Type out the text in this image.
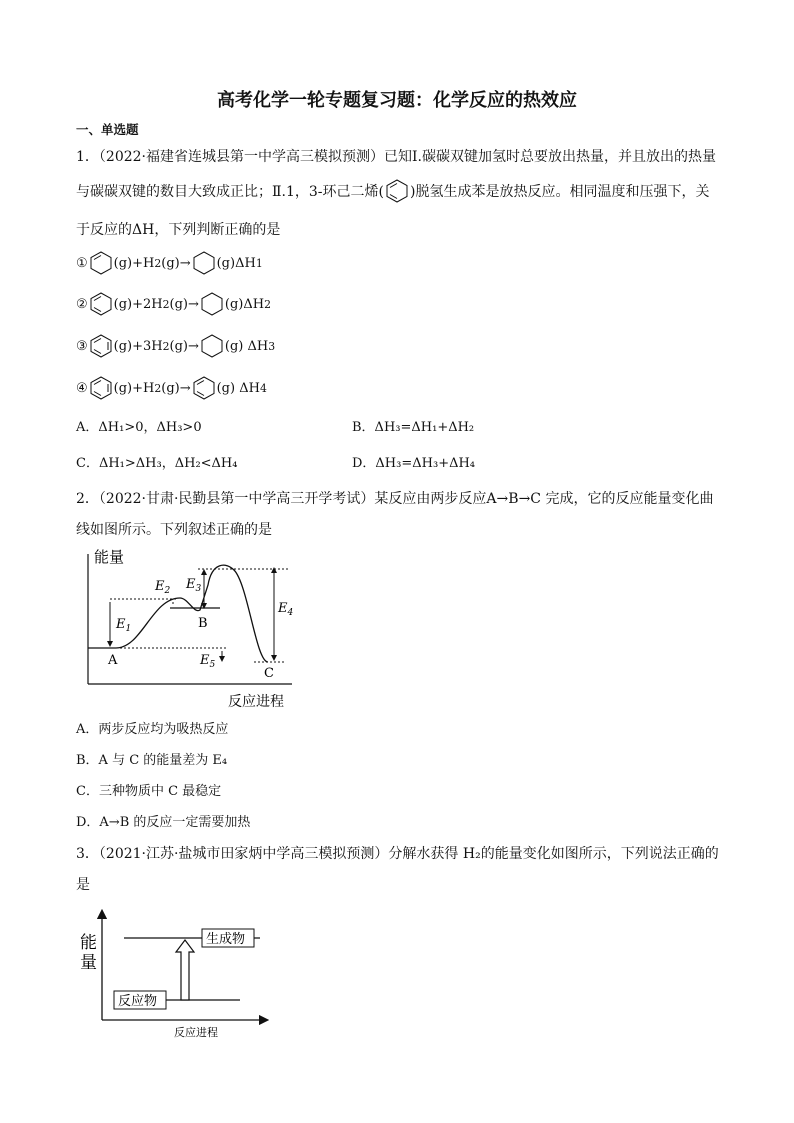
高考化学一轮专题复习题：化学反应的热效应
一、单选题
1．（2022·福建省连城县第一中学高三模拟预测）已知Ⅰ.碳碳双键加氢时总要放出热量，并且放出的热量
与碳碳双键的数目大致成正比；Ⅱ.1，3-环己二烯( )脱氢生成苯是放热反应。相同温度和压强下，关
于反应的ΔH，下列判断正确的是
① (g)+H 2 (g)→ (g)ΔH 1
② (g)+2H 2 (g)→ (g)ΔH 2
③ (g)+3H 2 (g)→ (g) ΔH 3
④ (g)+H 2 (g)→ (g) ΔH 4
A．ΔH₁>0，ΔH₃>0	B．ΔH₃=ΔH₁+ΔH₂
C．ΔH₁>ΔH₃，ΔH₂<ΔH₄	D．ΔH₃=ΔH₃+ΔH₄
2．（2022·甘肃·民勤县第一中学高三开学考试）某反应由两步反应A→B→C 完成，它的反应能量变化曲
线如图所示。下列叙述正确的是
能量
反应进程
$E_1$
$E_2$ $E_3$
$E_4$
$E_5$
A
B
C
A．两步反应均为吸热反应
B．A 与 C 的能量差为 E₄
C．三种物质中 C 最稳定
D．A→B 的反应一定需要加热
3．（2021·江苏·盐城市田家炳中学高三模拟预测）分解水获得 H₂的能量变化如图所示，下列说法正确的
是
能
量
生成物
反应物
反应进程
